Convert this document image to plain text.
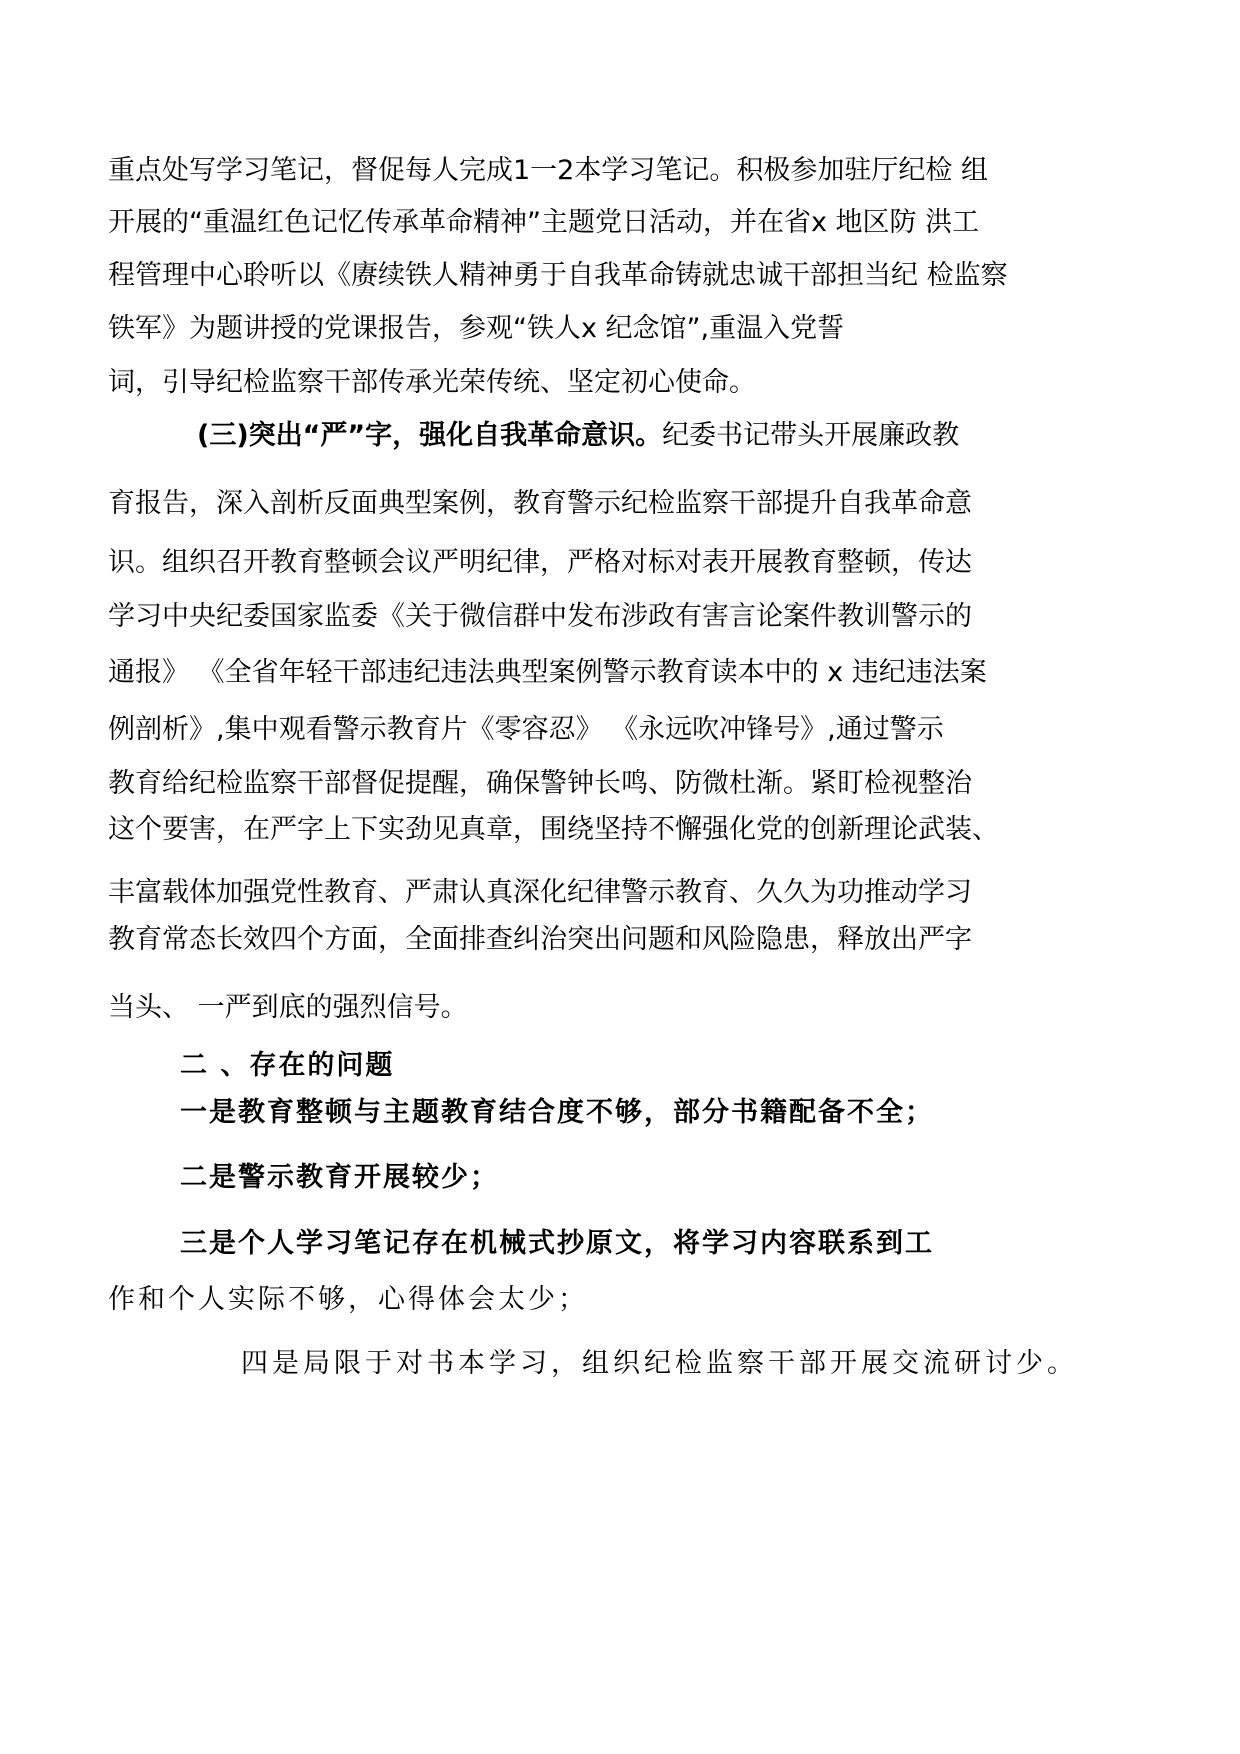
重点处写学习笔记，督促每人完成1一2本学习笔记。积极参加驻厅纪检 组
开展的“重温红色记忆传承革命精神”主题党日活动，并在省x 地区防 洪工
程管理中心聆听以《赓续铁人精神勇于自我革命铸就忠诚干部担当纪 检监察
铁军》为题讲授的党课报告，参观“铁人x 纪念馆”,重温入党誓
词，引导纪检监察干部传承光荣传统、坚定初心使命。
(三)突出“严”字，强化自我革命意识。纪委书记带头开展廉政教
育报告，深入剖析反面典型案例，教育警示纪检监察干部提升自我革命意
识。组织召开教育整顿会议严明纪律，严格对标对表开展教育整顿，传达
学习中央纪委国家监委《关于微信群中发布涉政有害言论案件教训警示的
通报》 《全省年轻干部违纪违法典型案例警示教育读本中的 x 违纪违法案
例剖析》,集中观看警示教育片《零容忍》 《永远吹冲锋号》,通过警示
教育给纪检监察干部督促提醒，确保警钟长鸣、防微杜渐。紧盯检视整治
这个要害，在严字上下实劲见真章，围绕坚持不懈强化党的创新理论武装、
丰富载体加强党性教育、严肃认真深化纪律警示教育、久久为功推动学习
教育常态长效四个方面，全面排查纠治突出问题和风险隐患，释放出严字
当头、 一严到底的强烈信号。
二 、存在的问题
一是教育整顿与主题教育结合度不够，部分书籍配备不全；
二是警示教育开展较少；
三是个人学习笔记存在机械式抄原文，将学习内容联系到工
作和个人实际不够，心得体会太少；
四是局限于对书本学习，组织纪检监察干部开展交流研讨少。
